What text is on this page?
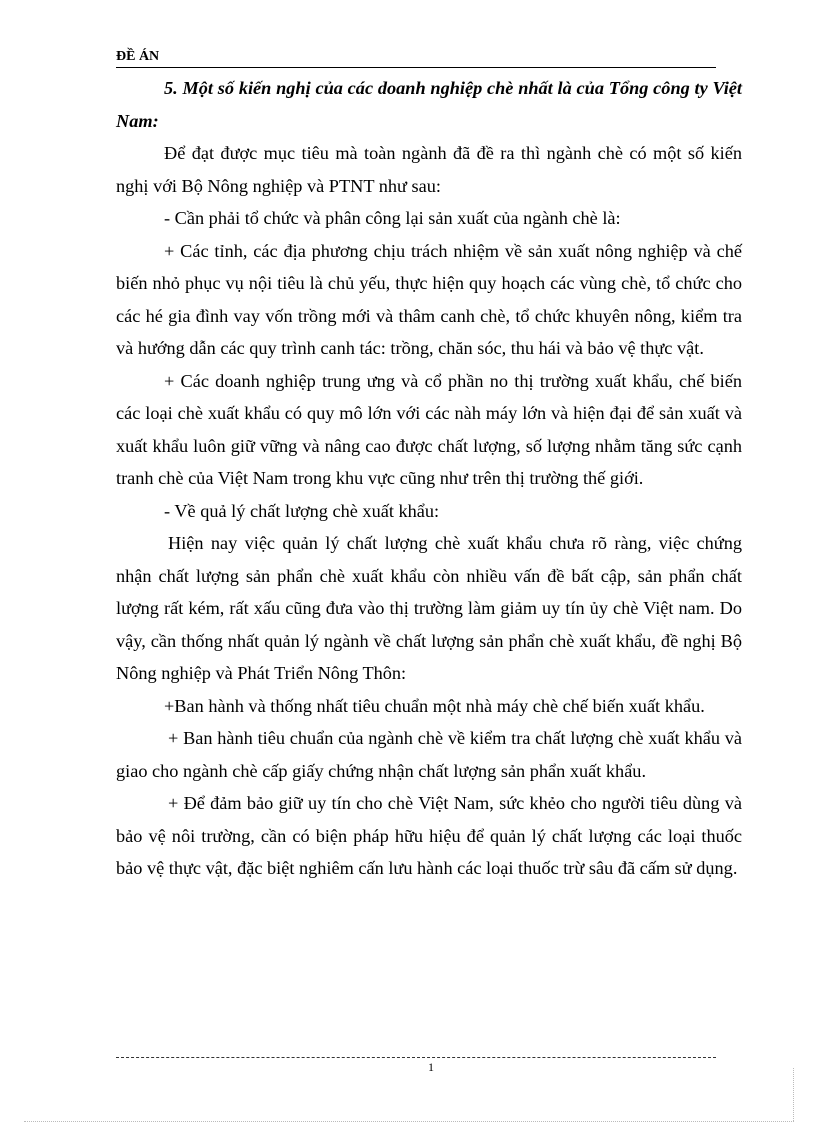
ĐỀ ÁN

5. Một số kiến nghị của các doanh nghiệp chè nhất là của Tổng công ty Việt Nam:

Để đạt được mục tiêu mà toàn ngành đã đề ra thì ngành chè có một số kiến nghị với Bộ Nông nghiệp và PTNT như sau:

- Cần phải tổ chức và phân công lại sản xuất của ngành chè là:

+ Các tỉnh, các địa phương chịu trách nhiệm về sản xuất nông nghiệp và chế biến nhỏ phục vụ nội tiêu là chủ yếu, thực hiện quy hoạch các vùng chè, tổ chức cho các hé gia đình vay vốn trồng mới và thâm canh chè, tổ chức khuyên nông, kiểm tra và hướng dẫn các quy trình canh tác: trồng, chăn sóc, thu hái và bảo vệ thực vật.

+ Các doanh nghiệp trung ưng và cổ phần no thị trường xuất khẩu, chế biến các loại chè xuất khẩu có quy mô lớn với các nàh máy lớn và hiện đại để sản xuất và xuất khẩu luôn giữ vững và nâng cao được chất lượng, số lượng nhằm tăng sức cạnh tranh chè của Việt Nam trong khu vực cũng như trên thị trường thế giới.

- Về quả lý chất lượng chè xuất khẩu:

Hiện nay việc quản lý chất lượng chè xuất khẩu chưa rõ ràng, việc chứng nhận chất lượng sản phẩn chè xuất khẩu còn nhiều vấn đề bất cập, sản phẩn chất lượng rất kém, rất xấu cũng đưa vào thị trường làm giảm uy tín ủy chè Việt nam. Do vậy, cần thống nhất quản lý ngành về chất lượng sản phẩn chè xuất khẩu, đề nghị Bộ Nông nghiệp và Phát Triển Nông Thôn:

+Ban hành và thống nhất tiêu chuẩn một nhà máy chè chế biến xuất khẩu.

+ Ban hành tiêu chuẩn của ngành chè về kiểm tra chất lượng chè xuất khẩu và giao cho ngành chè cấp giấy chứng nhận chất lượng sản phẩn xuất khẩu.

+ Để đảm bảo giữ uy tín cho chè Việt Nam, sức khẻo cho người tiêu dùng và bảo vệ nôi trường, cần có biện pháp hữu hiệu để quản lý chất lượng các loại thuốc bảo vệ thực vật, đặc biệt nghiêm cấn lưu hành các loại thuốc trừ sâu đã cấm sử dụng.

1
